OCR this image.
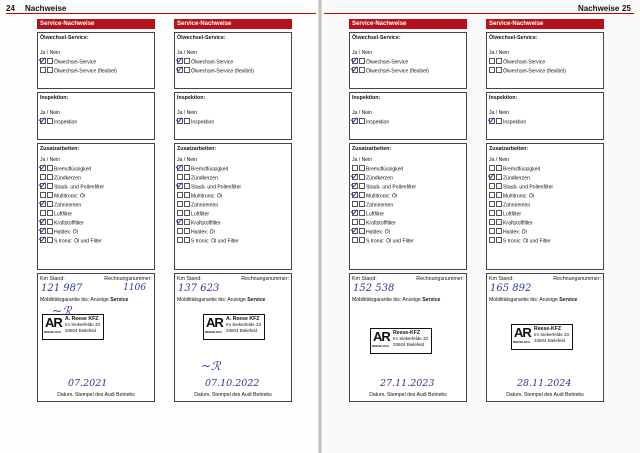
24 Nachweise	Nachweise 25
Service-Nachweise
Ölwechsel-Service:
Ja / Nein
Ölwechsel-Service
Ölwechsel-Service (flexibel)
Inspektion:
Ja / Nein
Inspektion
Zusatzarbeiten:
Ja / Nein
Bremsflüssigkeit
Zündkerzen
Staub- und Pollenfilter
Multitronic: Öl
Zahnriemen
Luftfilter
Kraftstofffilter
Haldex: Öl
S tronic: Öl und Filter
Km Stand:	Rechnungsnummer:
121 987	1106
Mobilitätsgarantie bis: Anzeige Service
AR
REESE-KFZ
A. Reese KFZ
Im Siekerfelde 33
33604 Bielefeld
~ℛ
07.2021
Datum, Stempel des Audi Betriebs
Service-Nachweise
Ölwechsel-Service:
Ja / Nein
Ölwechsel-Service
Ölwechsel-Service (flexibel)
Inspektion:
Ja / Nein
Inspektion
Zusatzarbeiten:
Ja / Nein
Bremsflüssigkeit
Zündkerzen
Staub- und Pollenfilter
Multitronic: Öl
Zahnriemen
Luftfilter
Kraftstofffilter
Haldex: Öl
S tronic: Öl und Filter
Km Stand:	Rechnungsnummer:
137 623
Mobilitätsgarantie bis: Anzeige Service
AR
REESE-KFZ
A. Reese KFZ
Im Siekerfelde 33
33604 Bielefeld
~ℛ
07.10.2022
Datum, Stempel des Audi Betriebs
Service-Nachweise
Ölwechsel-Service:
Ja / Nein
Ölwechsel-Service
Ölwechsel-Service (flexibel)
Inspektion:
Ja / Nein
Inspektion
Zusatzarbeiten:
Ja / Nein
Bremsflüssigkeit
Zündkerzen
Staub- und Pollenfilter
Multitronic: Öl
Zahnriemen
Luftfilter
Kraftstofffilter
Haldex: Öl
S tronic: Öl und Filter
Km Stand:	Rechnungsnummer:
152 538
Mobilitätsgarantie bis: Anzeige Service
AR
REESE-KFZ
Reese-KFZ
Im Siekerfelde 33
33604 Bielefeld
27.11.2023
Datum, Stempel des Audi Betriebs
Service-Nachweise
Ölwechsel-Service:
Ja / Nein
Ölwechsel-Service
Ölwechsel-Service (flexibel)
Inspektion:
Ja / Nein
Inspektion
Zusatzarbeiten:
Ja / Nein
Bremsflüssigkeit
Zündkerzen
Staub- und Pollenfilter
Multitronic: Öl
Zahnriemen
Luftfilter
Kraftstofffilter
Haldex: Öl
S tronic: Öl und Filter
Km Stand:	Rechnungsnummer:
165 892
Mobilitätsgarantie bis: Anzeige Service
AR
REESE-KFZ
Reese-KFZ
Im Siekerfelde 33
33604 Bielefeld
28.11.2024
Datum, Stempel des Audi Betriebs
